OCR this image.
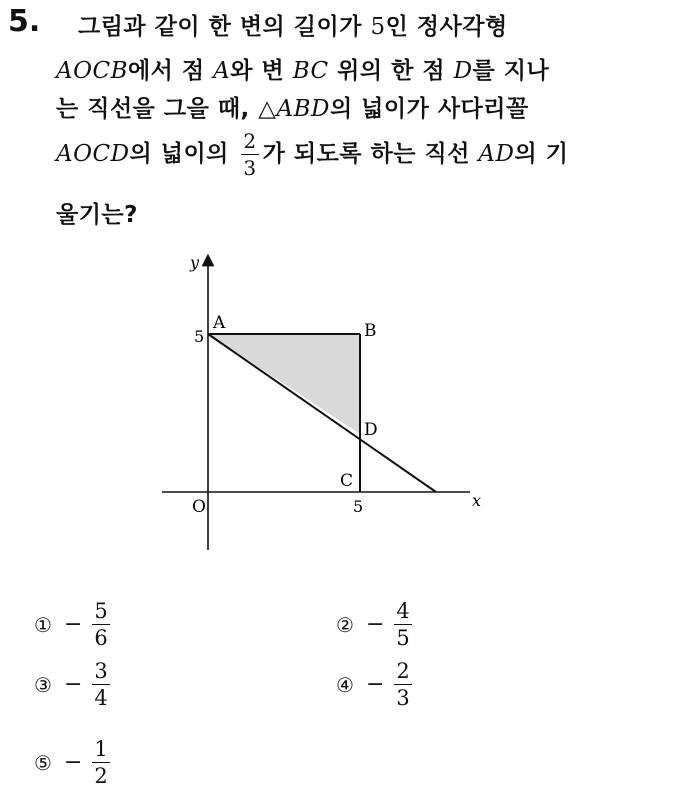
5. 그림과 같이 한 변의 길이가 5인 정사각형
AOCB에서 점 A와 변 BC 위의 한 점 D를 지나
는 직선을 그을 때, △ABD의 넓이가 사다리꼴
AOCD의 넓이의 $\frac{2}{3}$ 가 되도록 하는 직선 AD의 기
울기는?
y
x
O	5
5
A	B
C
D
① − $\frac{5}{6}$	② − $\frac{4}{5}$
③ − $\frac{3}{4}$	④ − $\frac{2}{3}$
⑤ − $\frac{1}{2}$
